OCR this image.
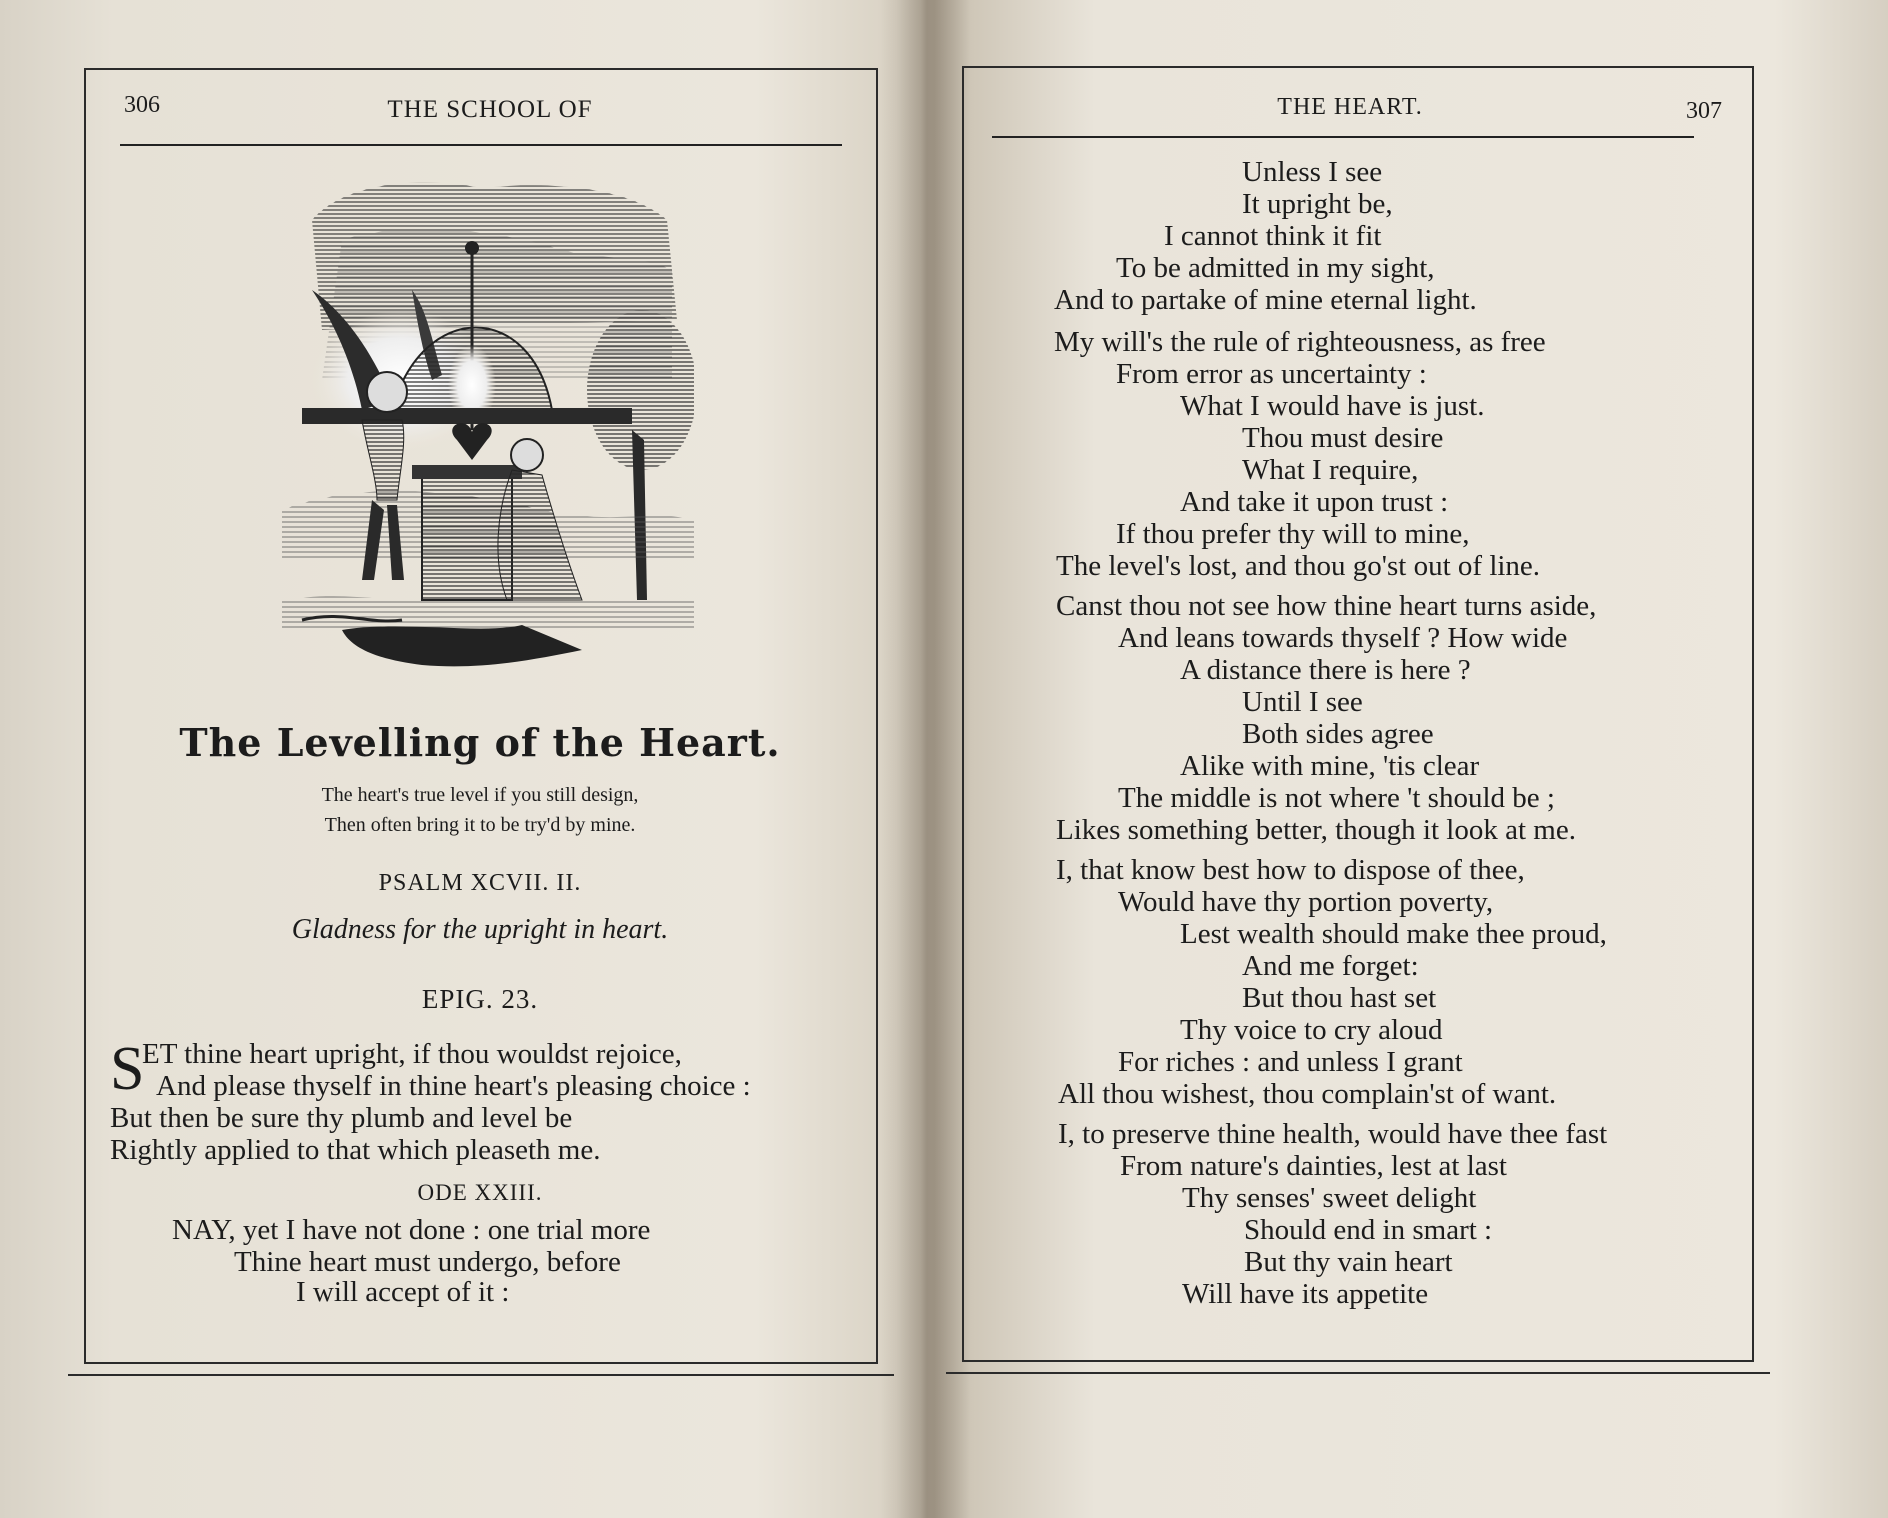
306	THE SCHOOL OF
The Levelling of the Heart.
The heart's true level if you still design,
Then often bring it to be try'd by mine.
PSALM XCVII. II.
Gladness for the upright in heart.
EPIG. 23.
S
ET thine heart upright, if thou wouldst rejoice,
And please thyself in thine heart's pleasing choice :
But then be sure thy plumb and level be
Rightly applied to that which pleaseth me.
ODE XXIII.
NAY, yet I have not done : one trial more
Thine heart must undergo, before
I will accept of it :
THE HEART.	307
Unless I see
It upright be,
I cannot think it fit
To be admitted in my sight,
And to partake of mine eternal light.
My will's the rule of righteousness, as free
From error as uncertainty :
What I would have is just.
Thou must desire
What I require,
And take it upon trust :
If thou prefer thy will to mine,
The level's lost, and thou go'st out of line.
Canst thou not see how thine heart turns aside,
And leans towards thyself ? How wide
A distance there is here ?
Until I see
Both sides agree
Alike with mine, 'tis clear
The middle is not where 't should be ;
Likes something better, though it look at me.
I, that know best how to dispose of thee,
Would have thy portion poverty,
Lest wealth should make thee proud,
And me forget:
But thou hast set
Thy voice to cry aloud
For riches : and unless I grant
All thou wishest, thou complain'st of want.
I, to preserve thine health, would have thee fast
From nature's dainties, lest at last
Thy senses' sweet delight
Should end in smart :
But thy vain heart
Will have its appetite
